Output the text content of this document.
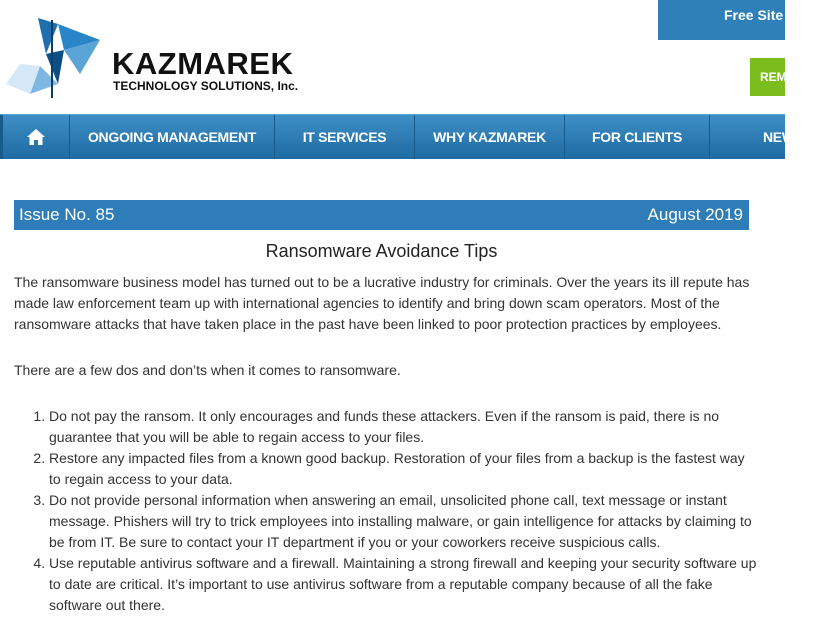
KAZMAREK

TECHNOLOGY SOLUTIONS, Inc.

Free Site A
REM
ONGOING MANAGEMENT	IT SERVICES	WHY KAZMAREK	FOR CLIENTS	NEW
Issue No. 85	August 2019
Ransomware Avoidance Tips

The ransomware business model has turned out to be a lucrative industry for criminals. Over the years its ill repute has made law enforcement team up with international agencies to identify and bring down scam operators. Most of the ransomware attacks that have taken place in the past have been linked to poor protection practices by employees.

There are a few dos and don’ts when it comes to ransomware.

1. Do not pay the ransom. It only encourages and funds these attackers. Even if the ransom is paid, there is no guarantee that you will be able to regain access to your files.
2. Restore any impacted files from a known good backup. Restoration of your files from a backup is the fastest way to regain access to your data.
3. Do not provide personal information when answering an email, unsolicited phone call, text message or instant message. Phishers will try to trick employees into installing malware, or gain intelligence for attacks by claiming to be from IT. Be sure to contact your IT department if you or your coworkers receive suspicious calls.
4. Use reputable antivirus software and a firewall. Maintaining a strong firewall and keeping your security software up to date are critical. It’s important to use antivirus software from a reputable company because of all the fake software out there.
